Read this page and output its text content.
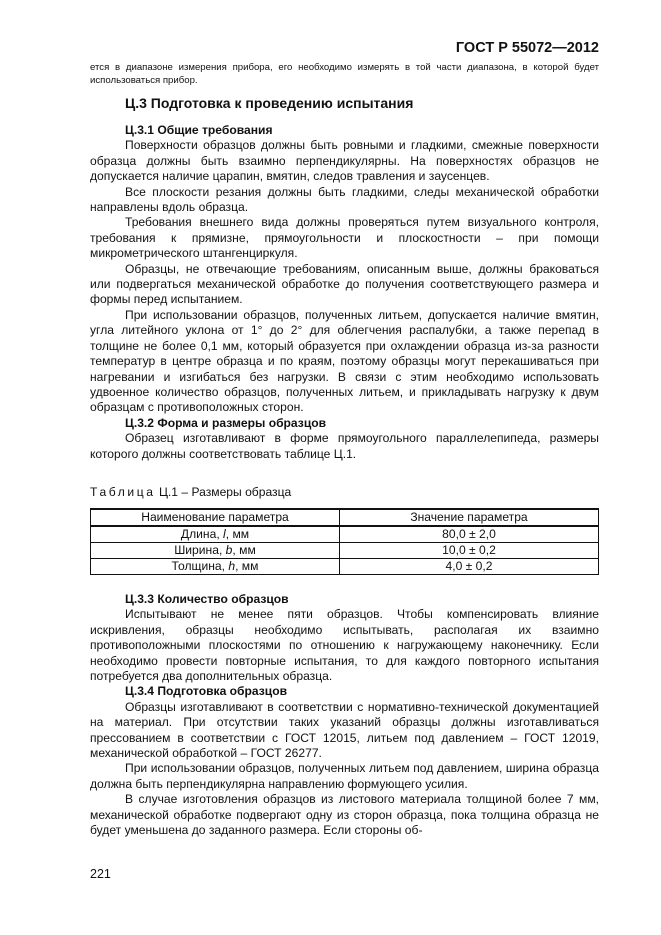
ГОСТ Р 55072—2012
ется в диапазоне измерения прибора, его необходимо измерять в той части диапазона, в которой будет использоваться прибор.
Ц.3 Подготовка к проведению испытания
Ц.3.1 Общие требования

Поверхности образцов должны быть ровными и гладкими, смежные поверхности образца должны быть взаимно перпендикулярны. На поверхностях образцов не допускается наличие царапин, вмятин, следов травления и заусенцев.

Все плоскости резания должны быть гладкими, следы механической обработки направлены вдоль образца.

Требования внешнего вида должны проверяться путем визуального контроля, требования к прямизне, прямоугольности и плоскостности – при помощи микрометрического штангенциркуля.

Образцы, не отвечающие требованиям, описанным выше, должны браковаться или подвергаться механической обработке до получения соответствующего размера и формы перед испытанием.

При использовании образцов, полученных литьем, допускается наличие вмятин, угла литейного уклона от 1° до 2° для облегчения распалубки, а также перепад в толщине не более 0,1 мм, который образуется при охлаждении образца из-за разности температур в центре образца и по краям, поэтому образцы могут перекашиваться при нагревании и изгибаться без нагрузки. В связи с этим необходимо использовать удвоенное количество образцов, полученных литьем, и прикладывать нагрузку к двум образцам с противоположных сторон.

Ц.3.2 Форма и размеры образцов

Образец изготавливают в форме прямоугольного параллелепипеда, размеры которого должны соответствовать таблице Ц.1.

Таблица Ц.1 – Размеры образца
Наименование параметра	Значение параметра
Длина, l, мм	80,0 ± 2,0
Ширина, b, мм	10,0 ± 0,2
Толщина, h, мм	4,0 ± 0,2
Ц.3.3 Количество образцов

Испытывают не менее пяти образцов. Чтобы компенсировать влияние искривления, образцы необходимо испытывать, располагая их взаимно противоположными плоскостями по отношению к нагружающему наконечнику. Если необходимо провести повторные испытания, то для каждого повторного испытания потребуется два дополнительных образца.

Ц.3.4 Подготовка образцов

Образцы изготавливают в соответствии с нормативно-технической документацией на материал. При отсутствии таких указаний образцы должны изготавливаться прессованием в соответствии с ГОСТ 12015, литьем под давлением – ГОСТ 12019, механической обработкой – ГОСТ 26277.

При использовании образцов, полученных литьем под давлением, ширина образца должна быть перпендикулярна направлению формующего усилия.

В случае изготовления образцов из листового материала толщиной более 7 мм, механической обработке подвергают одну из сторон образца, пока толщина образца не будет уменьшена до заданного размера. Если стороны об-

221
